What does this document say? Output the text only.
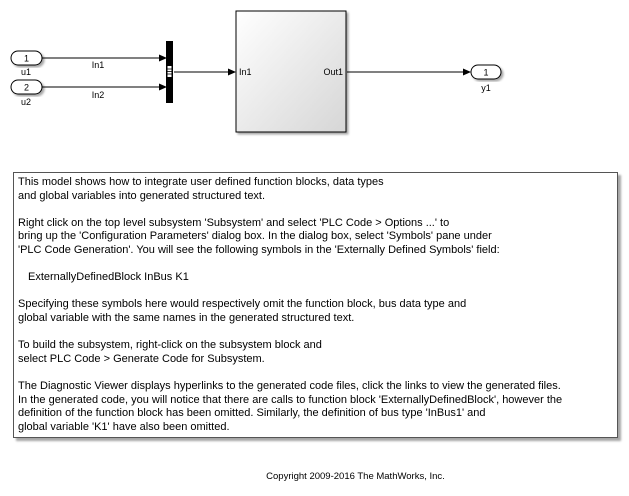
1
u1
2
u2
In1
In2
In1	Out1	1
y1

This model shows how to integrate user defined function blocks, data types
and global variables into generated structured text.

Right click on the top level subsystem 'Subsystem' and select 'PLC Code > Options ...' to
bring up the 'Configuration Parameters' dialog box. In the dialog box, select 'Symbols' pane under
'PLC Code Generation'. You will see the following symbols in the 'Externally Defined Symbols' field:

ExternallyDefinedBlock InBus K1

Specifying these symbols here would respectively omit the function block, bus data type and
global variable with the same names in the generated structured text.

To build the subsystem, right-click on the subsystem block and
select PLC Code > Generate Code for Subsystem.

The Diagnostic Viewer displays hyperlinks to the generated code files, click the links to view the generated files.
In the generated code, you will notice that there are calls to function block 'ExternallyDefinedBlock', however the
definition of the function block has been omitted. Similarly, the definition of bus type 'InBus1' and
global variable 'K1' have also been omitted.

Copyright 2009-2016 The MathWorks, Inc.
